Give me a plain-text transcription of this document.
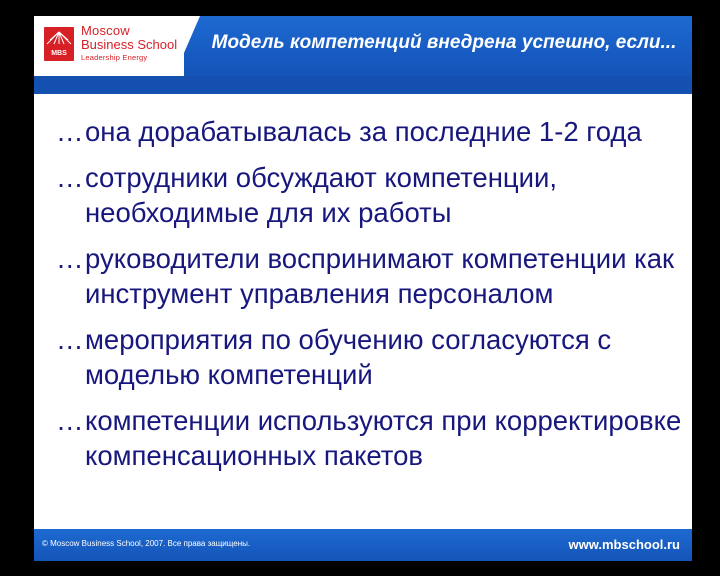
MBS
Moscow
Business School
Leadership Energy
Модель компетенций внедрена успешно, если...
… она дорабатывалась за последние 1-2 года
… сотрудники обсуждают компетенции, необходимые для их работы
… руководители воспринимают компетенции как инструмент управления персоналом
… мероприятия по обучению согласуются с моделью компетенций
… компетенции используются при корректировке компенсационных пакетов
© Moscow Business School, 2007. Все права защищены.	www.mbschool.ru
